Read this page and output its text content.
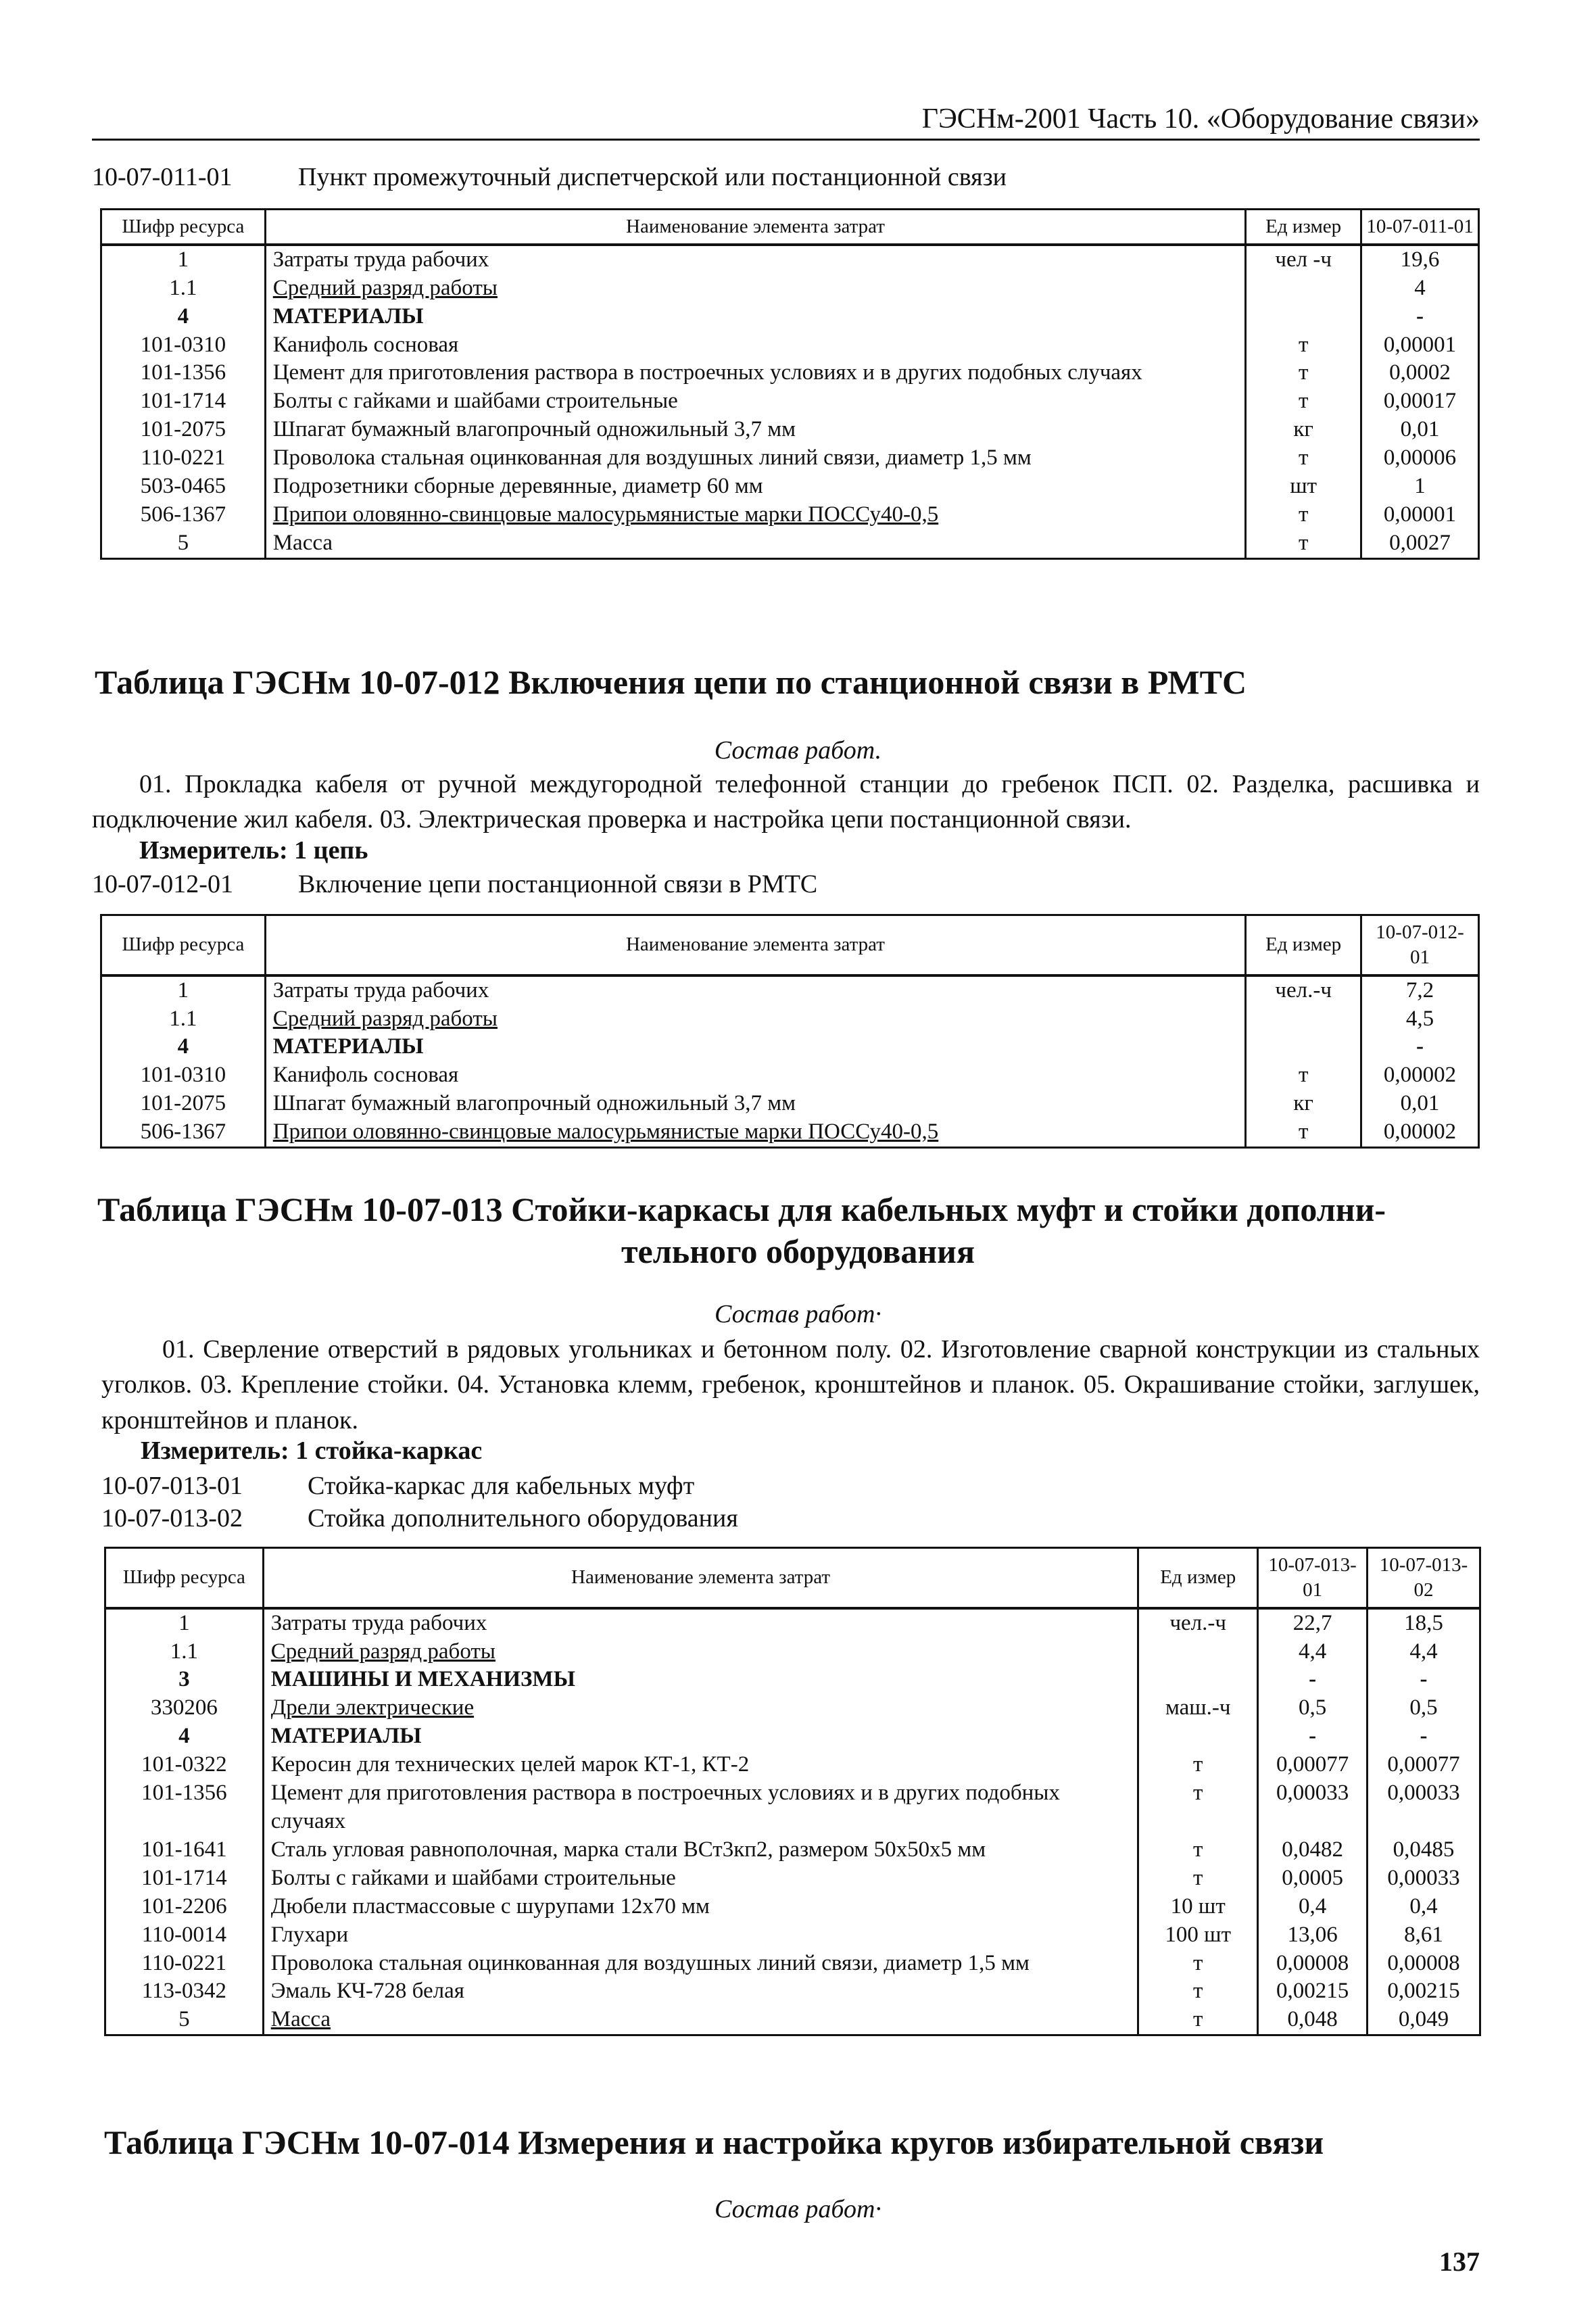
ГЭСНм-2001 Часть 10. «Оборудование связи»
10-07-011-01	Пункт промежуточный диспетчерской или постанционной связи
Шифр ресурса	Наименование элемента затрат	Ед измер	10-07-011-01
1	Затраты труда рабочих	чел -ч	19,6
1.1	Средний разряд работы		4
4	МАТЕРИАЛЫ		-
101-0310	Канифоль сосновая	т	0,00001
101-1356	Цемент для приготовления раствора в построечных условиях и в других подобных случаях	т	0,0002
101-1714	Болты с гайками и шайбами строительные	т	0,00017
101-2075	Шпагат бумажный влагопрочный одножильный 3,7 мм	кг	0,01
110-0221	Проволока стальная оцинкованная для воздушных линий связи, диаметр 1,5 мм	т	0,00006
503-0465	Подрозетники сборные деревянные, диаметр 60 мм	шт	1
506-1367	Припои оловянно-свинцовые малосурьмянистые марки ПОССу40-0,5	т	0,00001
5	Масса	т	0,0027
Таблица ГЭСНм 10-07-012 Включения цепи по станционной связи в РМТС
Состав работ.
01. Прокладка кабеля от ручной междугородной телефонной станции до гребенок ПСП. 02. Разделка, расшивка и подключение жил кабеля. 03. Электрическая проверка и настройка цепи постанционной связи.
Измеритель: 1 цепь
10-07-012-01	Включение цепи постанционной связи в РМТС
Шифр ресурса	Наименование элемента затрат	Ед измер	10-07-012-01
1	Затраты труда рабочих	чел.-ч	7,2
1.1	Средний разряд работы		4,5
4	МАТЕРИАЛЫ		-
101-0310	Канифоль сосновая	т	0,00002
101-2075	Шпагат бумажный влагопрочный одножильный 3,7 мм	кг	0,01
506-1367	Припои оловянно-свинцовые малосурьмянистые марки ПОССу40-0,5	т	0,00002
Таблица ГЭСНм 10-07-013 Стойки-каркасы для кабельных муфт и стойки дополни-
тельного оборудования
Состав работ·
01. Сверление отверстий в рядовых угольниках и бетонном полу. 02. Изготовление сварной конструкции из стальных уголков. 03. Крепление стойки. 04. Установка клемм, гребенок, кронштейнов и планок. 05. Окрашивание стойки, заглушек, кронштейнов и планок.
Измеритель: 1 стойка-каркас
10-07-013-01	Стойка-каркас для кабельных муфт
10-07-013-02	Стойка дополнительного оборудования
Шифр ресурса	Наименование элемента затрат	Ед измер	10-07-013-01	10-07-013-02
1	Затраты труда рабочих	чел.-ч	22,7	18,5
1.1	Средний разряд работы		4,4	4,4
3	МАШИНЫ И МЕХАНИЗМЫ		-	-
330206	Дрели электрические	маш.-ч	0,5	0,5
4	МАТЕРИАЛЫ		-	-
101-0322	Керосин для технических целей марок КТ-1, КТ-2	т	0,00077	0,00077
101-1356	Цемент для приготовления раствора в построечных условиях и в других подобных случаях	т	0,00033	0,00033
101-1641	Сталь угловая равнополочная, марка стали ВСт3кп2, размером 50x50x5 мм	т	0,0482	0,0485
101-1714	Болты с гайками и шайбами строительные	т	0,0005	0,00033
101-2206	Дюбели пластмассовые с шурупами 12x70 мм	10 шт	0,4	0,4
110-0014	Глухари	100 шт	13,06	8,61
110-0221	Проволока стальная оцинкованная для воздушных линий связи, диаметр 1,5 мм	т	0,00008	0,00008
113-0342	Эмаль КЧ-728 белая	т	0,00215	0,00215
5	Масса	т	0,048	0,049
Таблица ГЭСНм 10-07-014 Измерения и настройка кругов избирательной связи
Состав работ·
137
